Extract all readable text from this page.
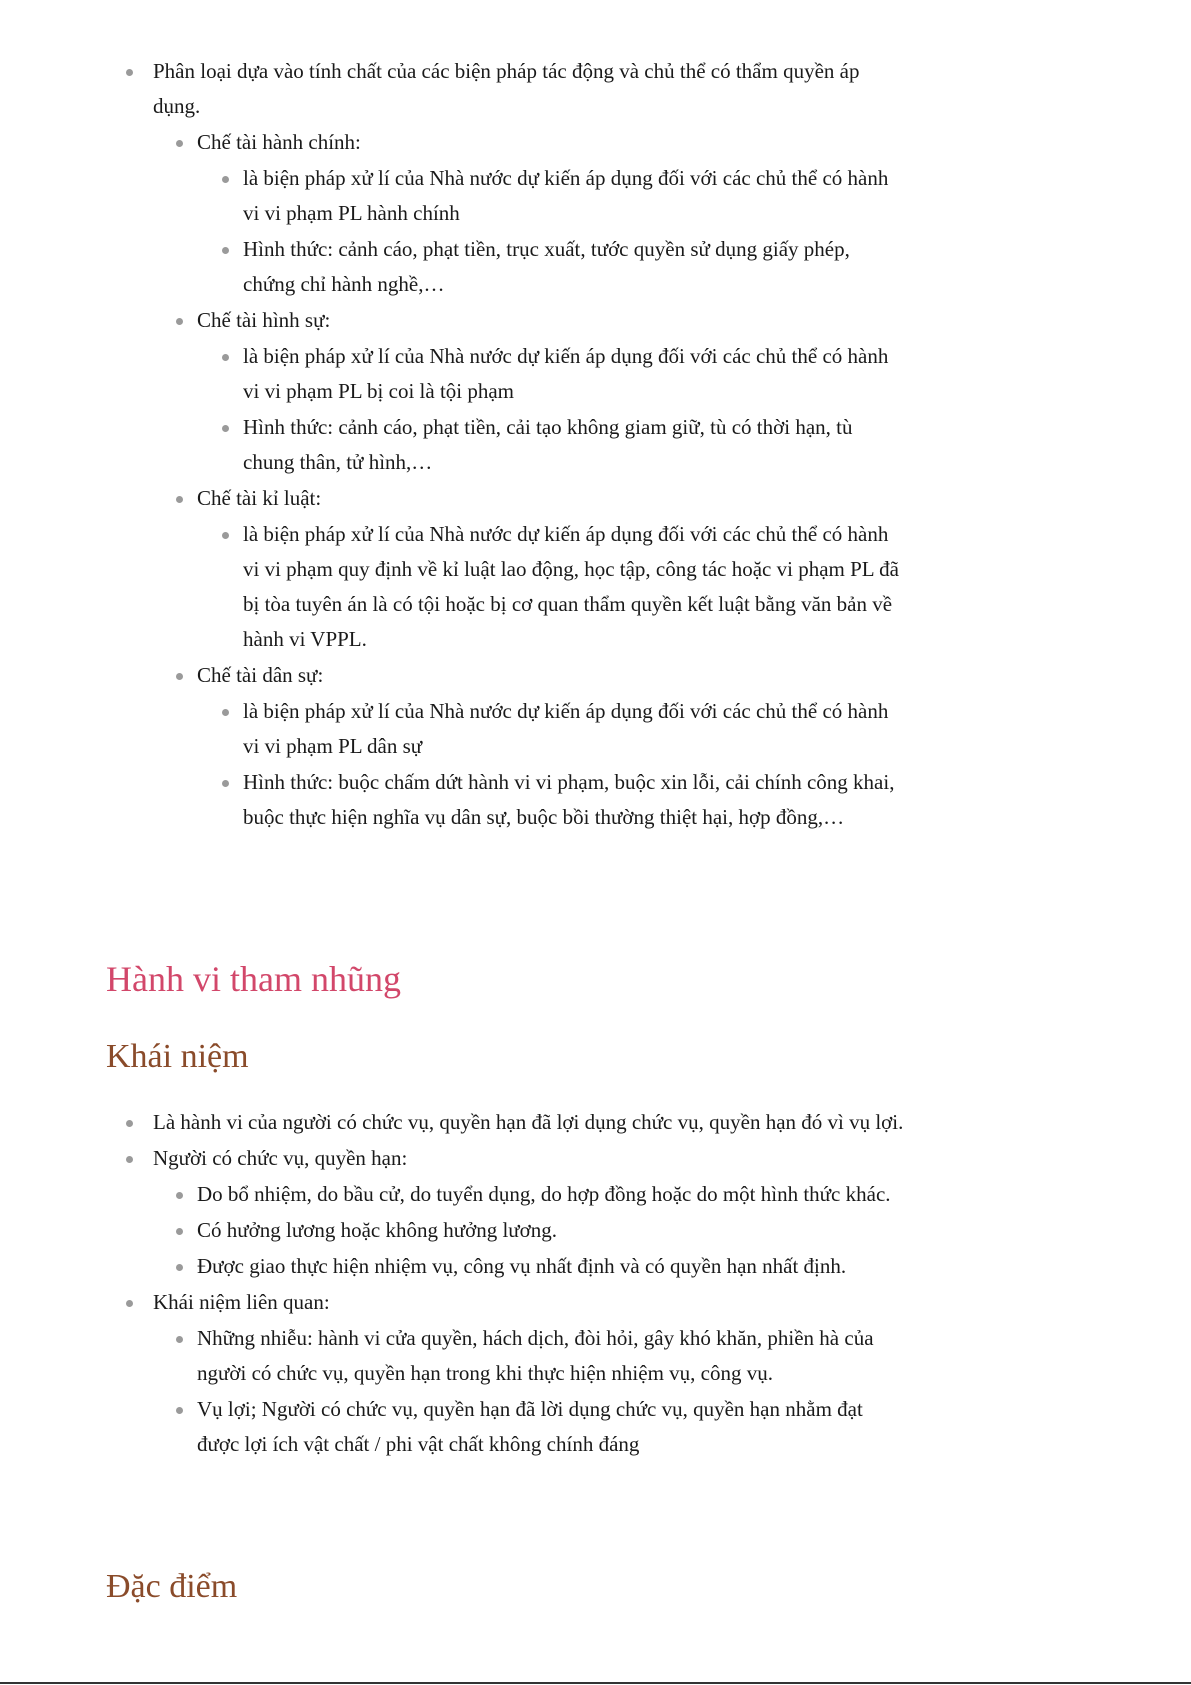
Phân loại dựa vào tính chất của các biện pháp tác động và chủ thể có thẩm quyền áp dụng.
Chế tài hành chính:
là biện pháp xử lí của Nhà nước dự kiến áp dụng đối với các chủ thể có hành vi vi phạm PL hành chính
Hình thức: cảnh cáo, phạt tiền, trục xuất, tước quyền sử dụng giấy phép, chứng chỉ hành nghề,…
Chế tài hình sự:
là biện pháp xử lí của Nhà nước dự kiến áp dụng đối với các chủ thể có hành vi vi phạm PL bị coi là tội phạm
Hình thức: cảnh cáo, phạt tiền, cải tạo không giam giữ, tù có thời hạn, tù chung thân, tử hình,…
Chế tài kỉ luật:
là biện pháp xử lí của Nhà nước dự kiến áp dụng đối với các chủ thể có hành vi vi phạm quy định về kỉ luật lao động, học tập, công tác hoặc vi phạm PL đã bị tòa tuyên án là có tội hoặc bị cơ quan thẩm quyền kết luật bằng văn bản về hành vi VPPL.
Chế tài dân sự:
là biện pháp xử lí của Nhà nước dự kiến áp dụng đối với các chủ thể có hành vi vi phạm PL dân sự
Hình thức: buộc chấm dứt hành vi vi phạm, buộc xin lỗi, cải chính công khai, buộc thực hiện nghĩa vụ dân sự, buộc bồi thường thiệt hại, hợp đồng,…
Hành vi tham nhũng
Khái niệm
Là hành vi của người có chức vụ, quyền hạn đã lợi dụng chức vụ, quyền hạn đó vì vụ lợi.
Người có chức vụ, quyền hạn:
Do bổ nhiệm, do bầu cử, do tuyển dụng, do hợp đồng hoặc do một hình thức khác.
Có hưởng lương hoặc không hưởng lương.
Được giao thực hiện nhiệm vụ, công vụ nhất định và có quyền hạn nhất định.
Khái niệm liên quan:
Những nhiễu: hành vi cửa quyền, hách dịch, đòi hỏi, gây khó khăn, phiền hà của người có chức vụ, quyền hạn trong khi thực hiện nhiệm vụ, công vụ.
Vụ lợi; Người có chức vụ, quyền hạn đã lời dụng chức vụ, quyền hạn nhằm đạt được lợi ích vật chất / phi vật chất không chính đáng
Đặc điểm
